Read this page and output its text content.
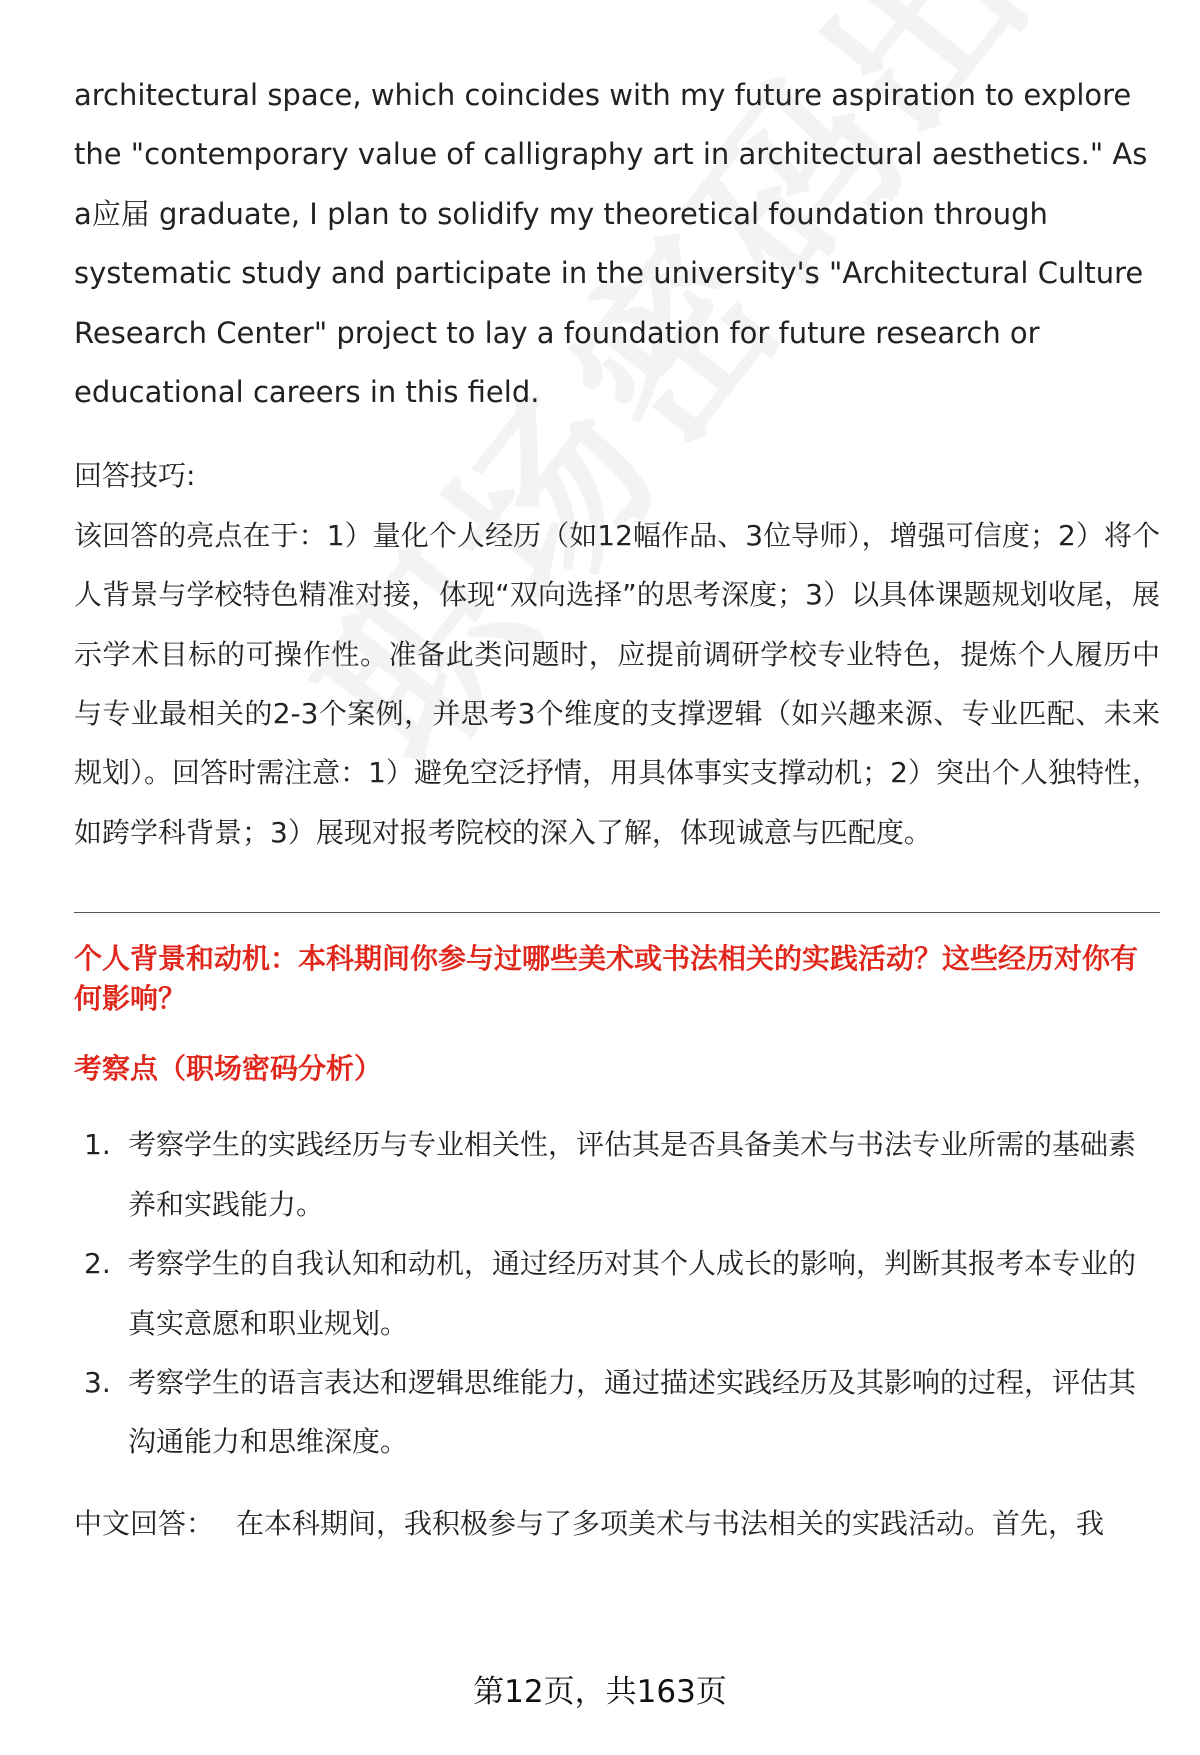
architectural space, which coincides with my future aspiration to explore the "contemporary value of calligraphy art in architectural aesthetics." As a应届 graduate, I plan to solidify my theoretical foundation through systematic study and participate in the university's "Architectural Culture Research Center" project to lay a foundation for future research or educational careers in this field.

回答技巧:

该回答的亮点在于：1）量化个人经历（如12幅作品、3位导师），增强可信度；2）将个人背景与学校特色精准对接，体现“双向选择”的思考深度；3）以具体课题规划收尾，展示学术目标的可操作性。准备此类问题时，应提前调研学校专业特色，提炼个人履历中与专业最相关的2-3个案例，并思考3个维度的支撑逻辑（如兴趣来源、专业匹配、未来规划）。回答时需注意：1）避免空泛抒情，用具体事实支撑动机；2）突出个人独特性，如跨学科背景；3）展现对报考院校的深入了解，体现诚意与匹配度。

个人背景和动机：本科期间你参与过哪些美术或书法相关的实践活动？这些经历对你有何影响？

考察点（职场密码分析）

1. 考察学生的实践经历与专业相关性，评估其是否具备美术与书法专业所需的基础素养和实践能力。
2. 考察学生的自我认知和动机，通过经历对其个人成长的影响，判断其报考本专业的真实意愿和职业规划。
3. 考察学生的语言表达和逻辑思维能力，通过描述实践经历及其影响的过程，评估其沟通能力和思维深度。

中文回答： 在本科期间，我积极参与了多项美术与书法相关的实践活动。首先，我

第12页，共163页
